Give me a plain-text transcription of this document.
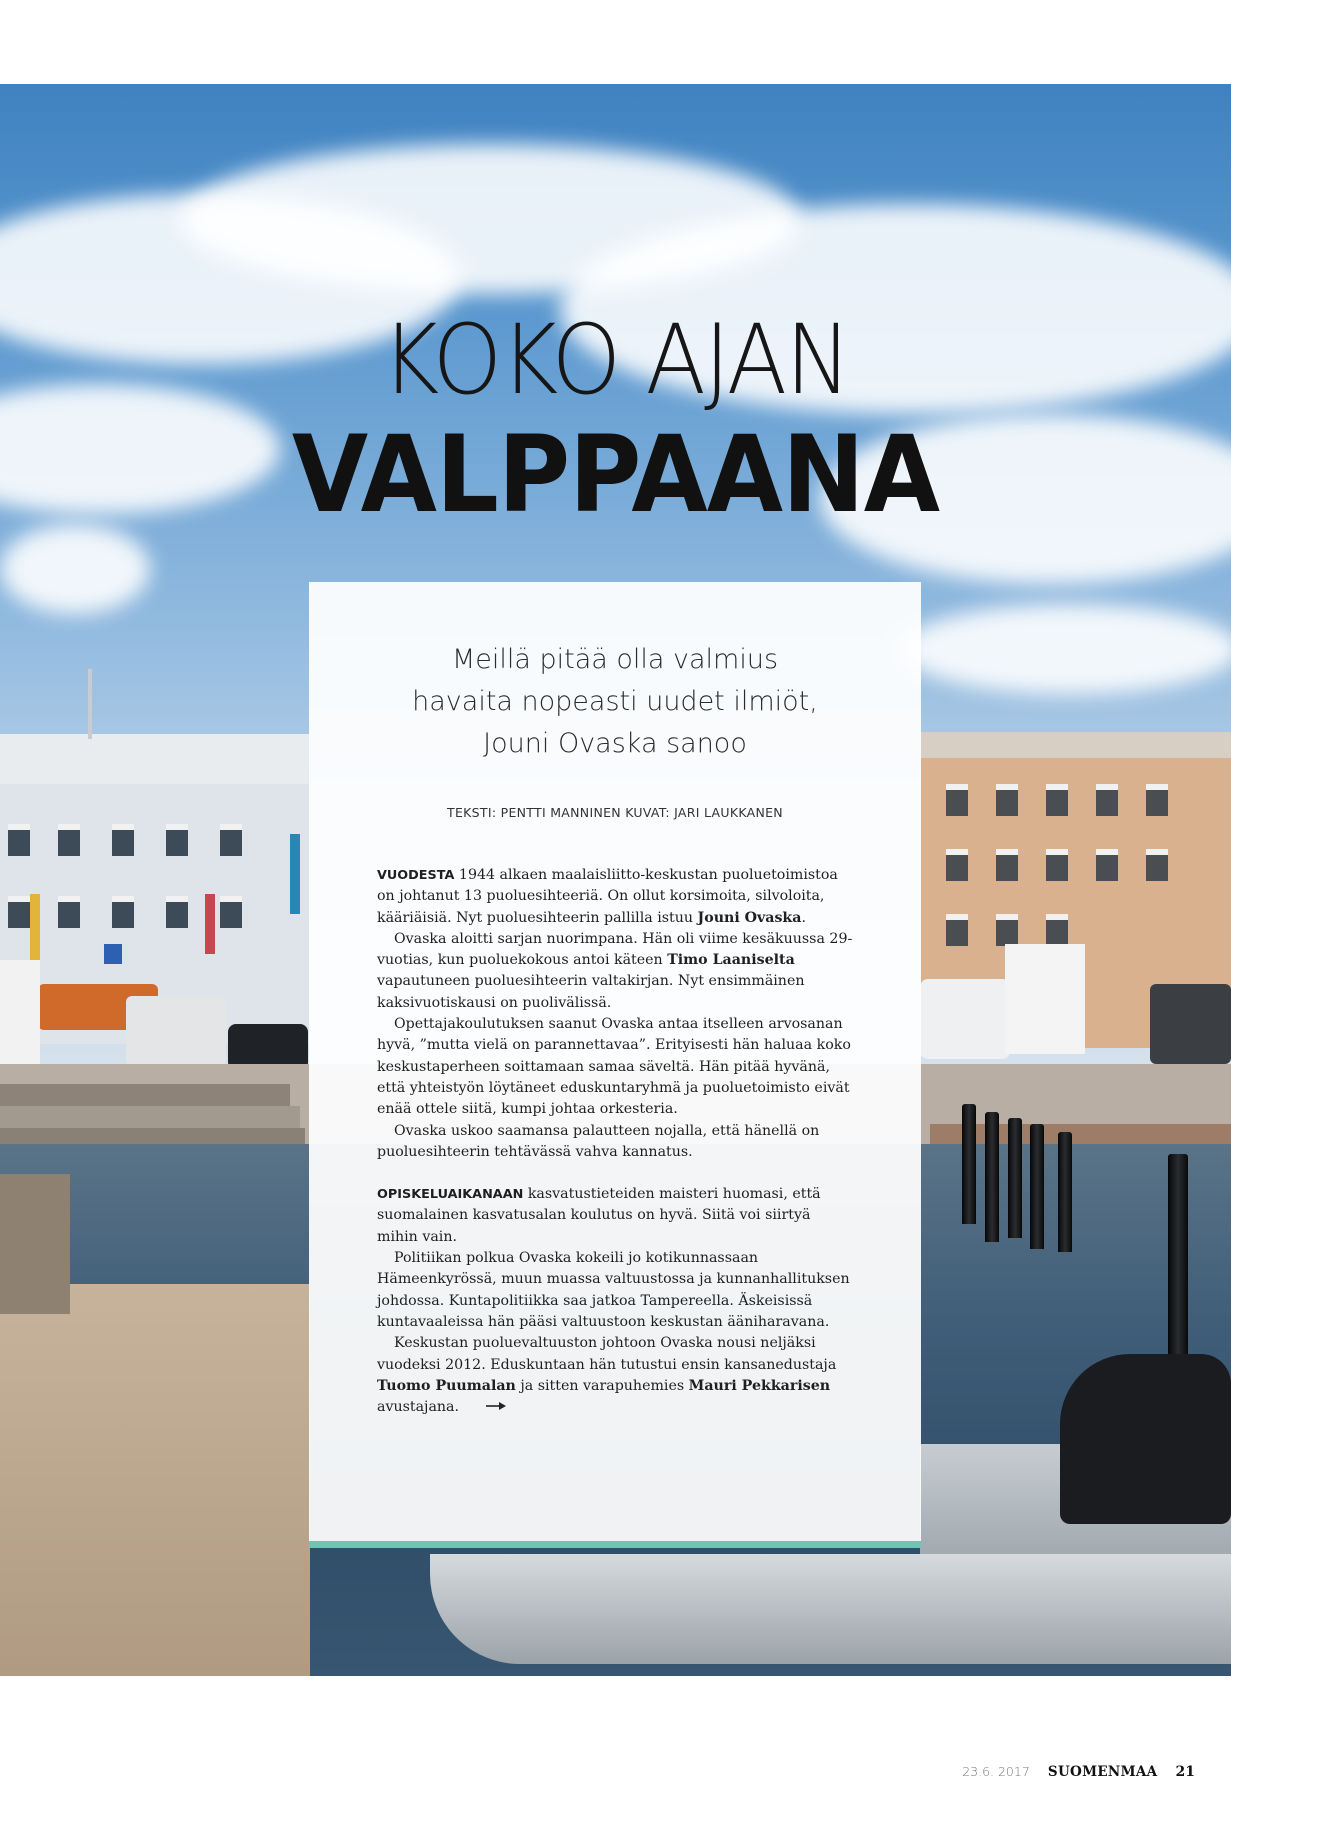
KOKO AJAN
VALPPAANA
Meillä pitää olla valmius
havaita nopeasti uudet ilmiöt,
Jouni Ovaska sanoo
TEKSTI: PENTTI MANNINEN KUVAT: JARI LAUKKANEN

VUODESTA 1944 alkaen maalaisliitto-keskustan puoluetoimistoa on johtanut 13 puoluesihteeriä. On ollut korsimoita, silvoloita, kääriäisiä. Nyt puoluesihteerin pallilla istuu Jouni Ovaska.

Ovaska aloitti sarjan nuorimpana. Hän oli viime kesäkuussa 29-vuotias, kun puoluekokous antoi käteen Timo Laaniselta vapautuneen puoluesihteerin valtakirjan. Nyt ensimmäinen kaksivuotiskausi on puolivälissä.

Opettajakoulutuksen saanut Ovaska antaa itselleen arvosanan hyvä, ”mutta vielä on parannettavaa”. Erityisesti hän haluaa koko keskustaperheen soittamaan samaa säveltä. Hän pitää hyvänä, että yhteistyön löytäneet eduskuntaryhmä ja puoluetoimisto eivät enää ottele siitä, kumpi johtaa orkesteria.

Ovaska uskoo saamansa palautteen nojalla, että hänellä on puoluesihteerin tehtävässä vahva kannatus.

OPISKELUAIKANAAN kasvatustieteiden maisteri huomasi, että suomalainen kasvatusalan koulutus on hyvä. Siitä voi siirtyä mihin vain.

Politiikan polkua Ovaska kokeili jo kotikunnassaan Hämeenkyrössä, muun muassa valtuustossa ja kunnanhallituksen johdossa. Kuntapolitiikka saa jatkoa Tampereella. Äskeisissä kuntavaaleissa hän pääsi valtuustoon keskustan ääniharavana.

Keskustan puoluevaltuuston johtoon Ovaska nousi neljäksi vuodeksi 2012. Eduskuntaan hän tutustui ensin kansanedustaja Tuomo Puumalan ja sitten varapuhemies Mauri Pekkarisen avustajana.

23.6. 2017 SUOMENMAA 21
